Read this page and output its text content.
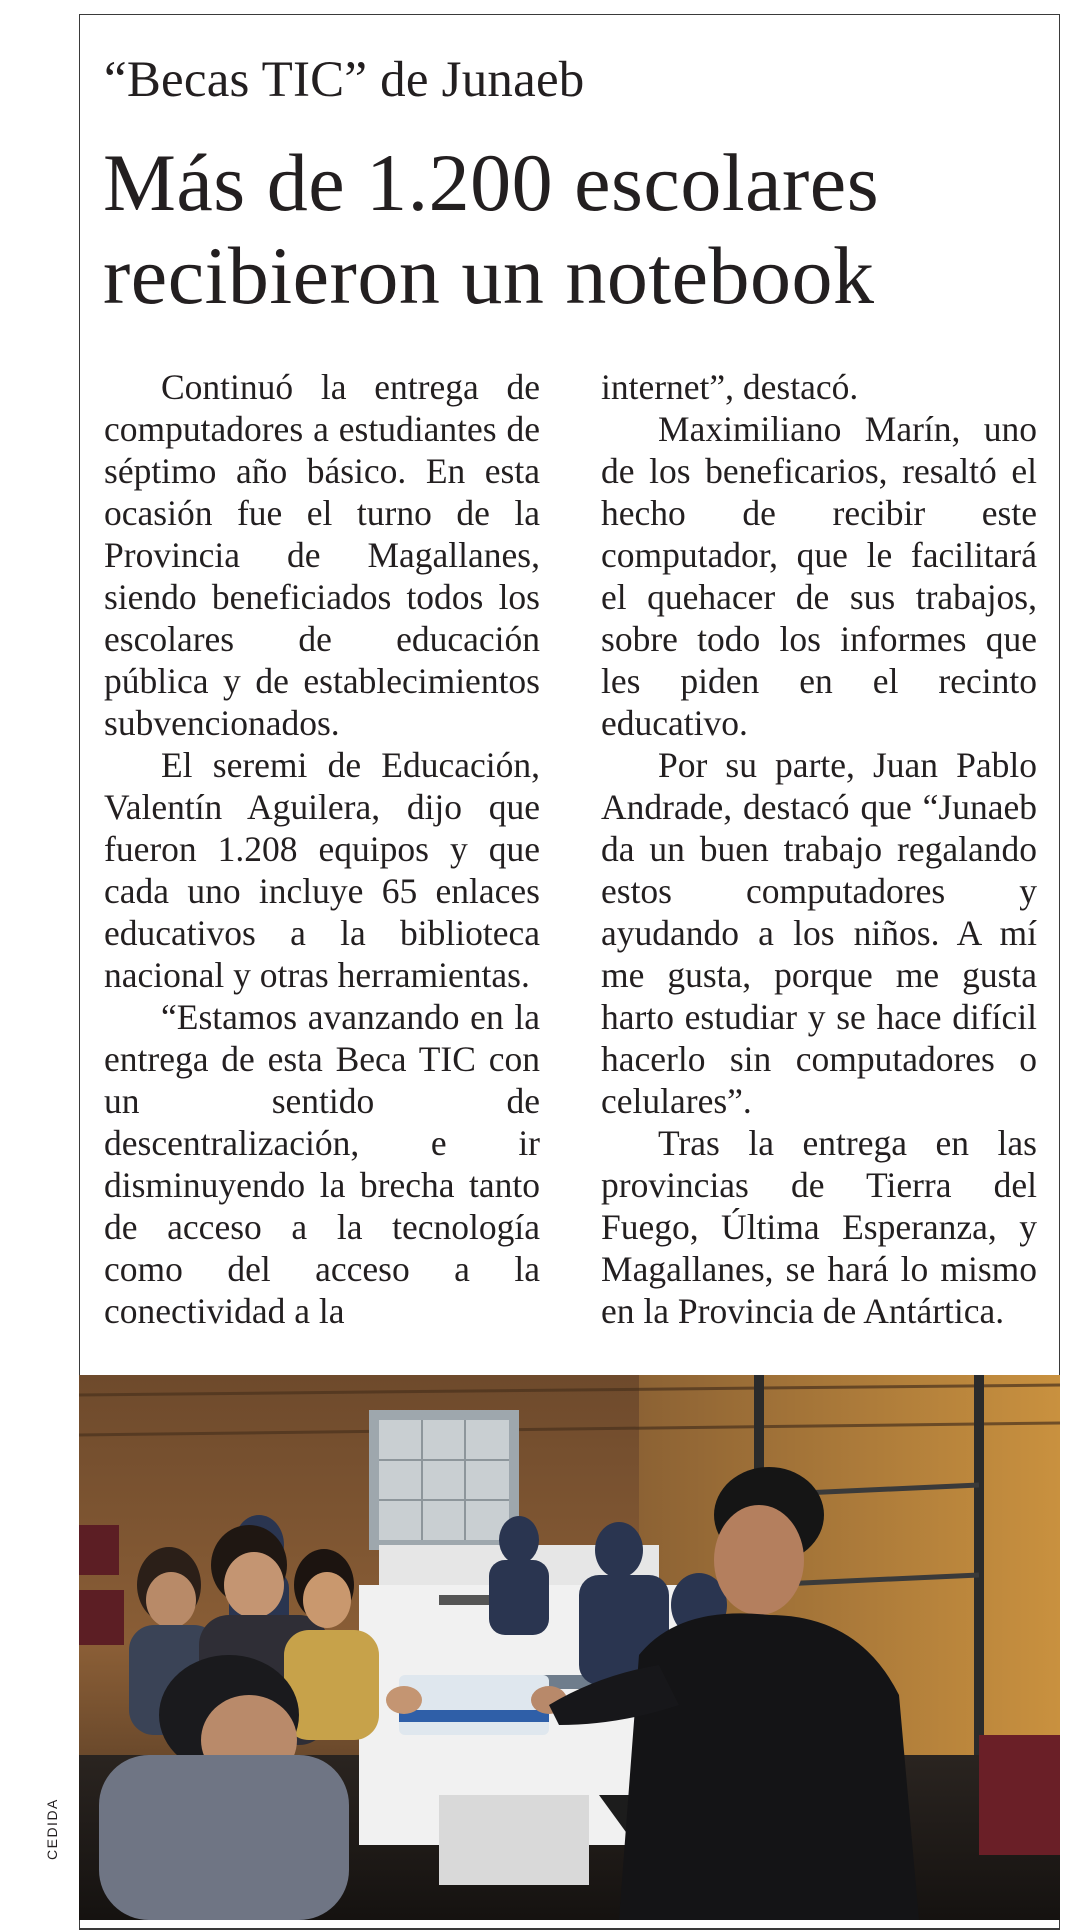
“Becas TIC” de Junaeb
Más de 1.200 escolares
recibieron un notebook

Continuó la entrega de computadores a estudiantes de séptimo año básico. En esta ocasión fue el turno de la Provincia de Magallanes, siendo beneficiados todos los escolares de educación pública y de establecimientos subvencionados.

El seremi de Educación, Valentín Aguilera, dijo que fueron 1.208 equipos y que cada uno incluye 65 enlaces educativos a la biblioteca nacional y otras herramientas.

“Estamos avanzando en la entrega de esta Beca TIC con un sentido de descentralización, e ir disminuyendo la brecha tanto de acceso a la tecnología como del acceso a la conectividad a la

internet”, destacó.

Maximiliano Marín, uno de los beneficarios, resaltó el hecho de recibir este computador, que le facilitará el quehacer de sus trabajos, sobre todo los informes que les piden en el recinto educativo.

Por su parte, Juan Pablo Andrade, destacó que “Junaeb da un buen trabajo regalando estos computadores y ayudando a los niños. A mí me gusta, porque me gusta harto estudiar y se hace difícil hacerlo sin computadores o celulares”.

Tras la entrega en las provincias de Tierra del Fuego, Última Esperanza, y Magallanes, se hará lo mismo en la Provincia de Antártica.

CEDIDA
